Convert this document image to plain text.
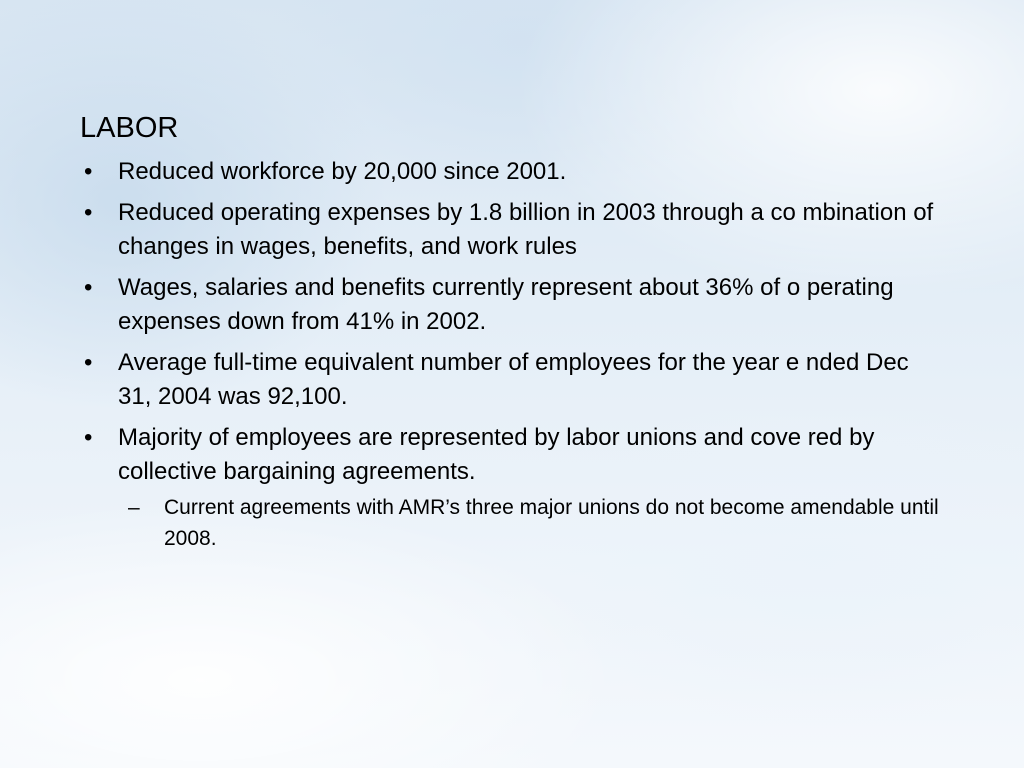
LABOR
• Reduced workforce by 20,000 since 2001.
• Reduced operating expenses by 1.8 billion in 2003 through a co mbination of changes in wages, benefits, and work rules
• Wages, salaries and benefits currently represent about 36% of o perating expenses down from 41% in 2002.
• Average full-time equivalent number of employees for the year e nded Dec 31, 2004 was 92,100.
• Majority of employees are represented by labor unions and cove red by collective bargaining agreements.
– Current agreements with AMR’s three major unions do not become amendable until 2008.
